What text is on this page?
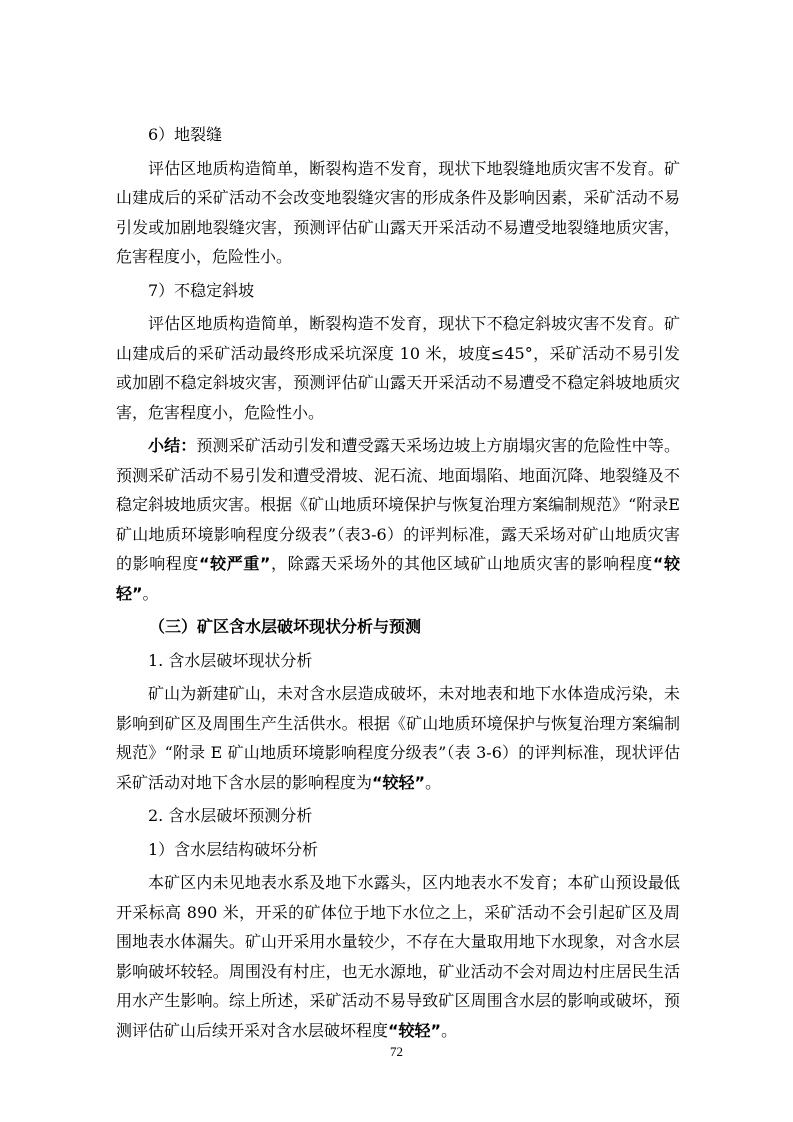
6）地裂缝

评估区地质构造简单，断裂构造不发育，现状下地裂缝地质灾害不发育。矿山建成后的采矿活动不会改变地裂缝灾害的形成条件及影响因素，采矿活动不易引发或加剧地裂缝灾害，预测评估矿山露天开采活动不易遭受地裂缝地质灾害，危害程度小，危险性小。

7）不稳定斜坡

评估区地质构造简单，断裂构造不发育，现状下不稳定斜坡灾害不发育。矿山建成后的采矿活动最终形成采坑深度 10 米，坡度≤45°，采矿活动不易引发或加剧不稳定斜坡灾害，预测评估矿山露天开采活动不易遭受不稳定斜坡地质灾害，危害程度小，危险性小。

小结：预测采矿活动引发和遭受露天采场边坡上方崩塌灾害的危险性中等。预测采矿活动不易引发和遭受滑坡、泥石流、地面塌陷、地面沉降、地裂缝及不稳定斜坡地质灾害。根据《矿山地质环境保护与恢复治理方案编制规范》“附录E 矿山地质环境影响程度分级表”（表3-6）的评判标准，露天采场对矿山地质灾害的影响程度“较严重”，除露天采场外的其他区域矿山地质灾害的影响程度“较轻”。

（三）矿区含水层破坏现状分析与预测

1. 含水层破坏现状分析

矿山为新建矿山，未对含水层造成破坏，未对地表和地下水体造成污染，未影响到矿区及周围生产生活供水。根据《矿山地质环境保护与恢复治理方案编制规范》“附录 E 矿山地质环境影响程度分级表”（表 3-6）的评判标准，现状评估采矿活动对地下含水层的影响程度为“较轻”。

2. 含水层破坏预测分析

1）含水层结构破坏分析

本矿区内未见地表水系及地下水露头，区内地表水不发育；本矿山预设最低开采标高 890 米，开采的矿体位于地下水位之上，采矿活动不会引起矿区及周围地表水体漏失。矿山开采用水量较少，不存在大量取用地下水现象，对含水层影响破坏较轻。周围没有村庄，也无水源地，矿业活动不会对周边村庄居民生活用水产生影响。综上所述，采矿活动不易导致矿区周围含水层的影响或破坏，预测评估矿山后续开采对含水层破坏程度“较轻”。

72
